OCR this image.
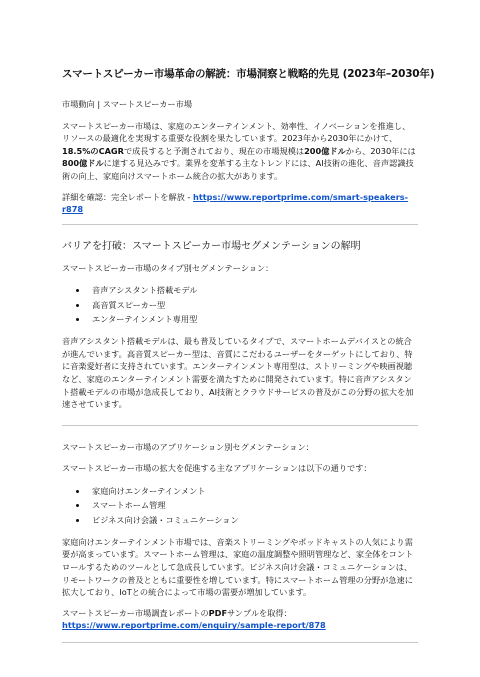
スマートスピーカー市場革命の解読：市場洞察と戦略的先見 (2023年–2030年)

市場動向 | スマートスピーカー市場

スマートスピーカー市場は、家庭のエンターテインメント、効率性、イノベーションを推進し、リソースの最適化を実現する重要な役割を果たしています。2023年から2030年にかけて、18.5%のCAGRで成長すると予測されており、現在の市場規模は200億ドルから、2030年には800億ドルに達する見込みです。業界を変革する主なトレンドには、AI技術の進化、音声認識技術の向上、家庭向けスマートホーム統合の拡大があります。

詳細を確認：完全レポートを解放 - https://www.reportprime.com/smart-speakers-r878

バリアを打破：スマートスピーカー市場セグメンテーションの解明

スマートスピーカー市場のタイプ別セグメンテーション：

• 音声アシスタント搭載モデル
• 高音質スピーカー型
• エンターテインメント専用型

音声アシスタント搭載モデルは、最も普及しているタイプで、スマートホームデバイスとの統合が進んでいます。高音質スピーカー型は、音質にこだわるユーザーをターゲットにしており、特に音楽愛好者に支持されています。エンターテインメント専用型は、ストリーミングや映画視聴など、家庭のエンターテインメント需要を満たすために開発されています。特に音声アシスタント搭載モデルの市場が急成長しており、AI技術とクラウドサービスの普及がこの分野の拡大を加速させています。

スマートスピーカー市場のアプリケーション別セグメンテーション：

スマートスピーカー市場の拡大を促進する主なアプリケーションは以下の通りです：

• 家庭向けエンターテインメント
• スマートホーム管理
• ビジネス向け会議・コミュニケーション

家庭向けエンターテインメント市場では、音楽ストリーミングやポッドキャストの人気により需要が高まっています。スマートホーム管理は、家庭の温度調整や照明管理など、家全体をコントロールするためのツールとして急成長しています。ビジネス向け会議・コミュニケーションは、リモートワークの普及とともに重要性を増しています。特にスマートホーム管理の分野が急速に拡大しており、IoTとの統合によって市場の需要が増加しています。

スマートスピーカー市場調査レポートのPDFサンプルを取得：
https://www.reportprime.com/enquiry/sample-report/878
